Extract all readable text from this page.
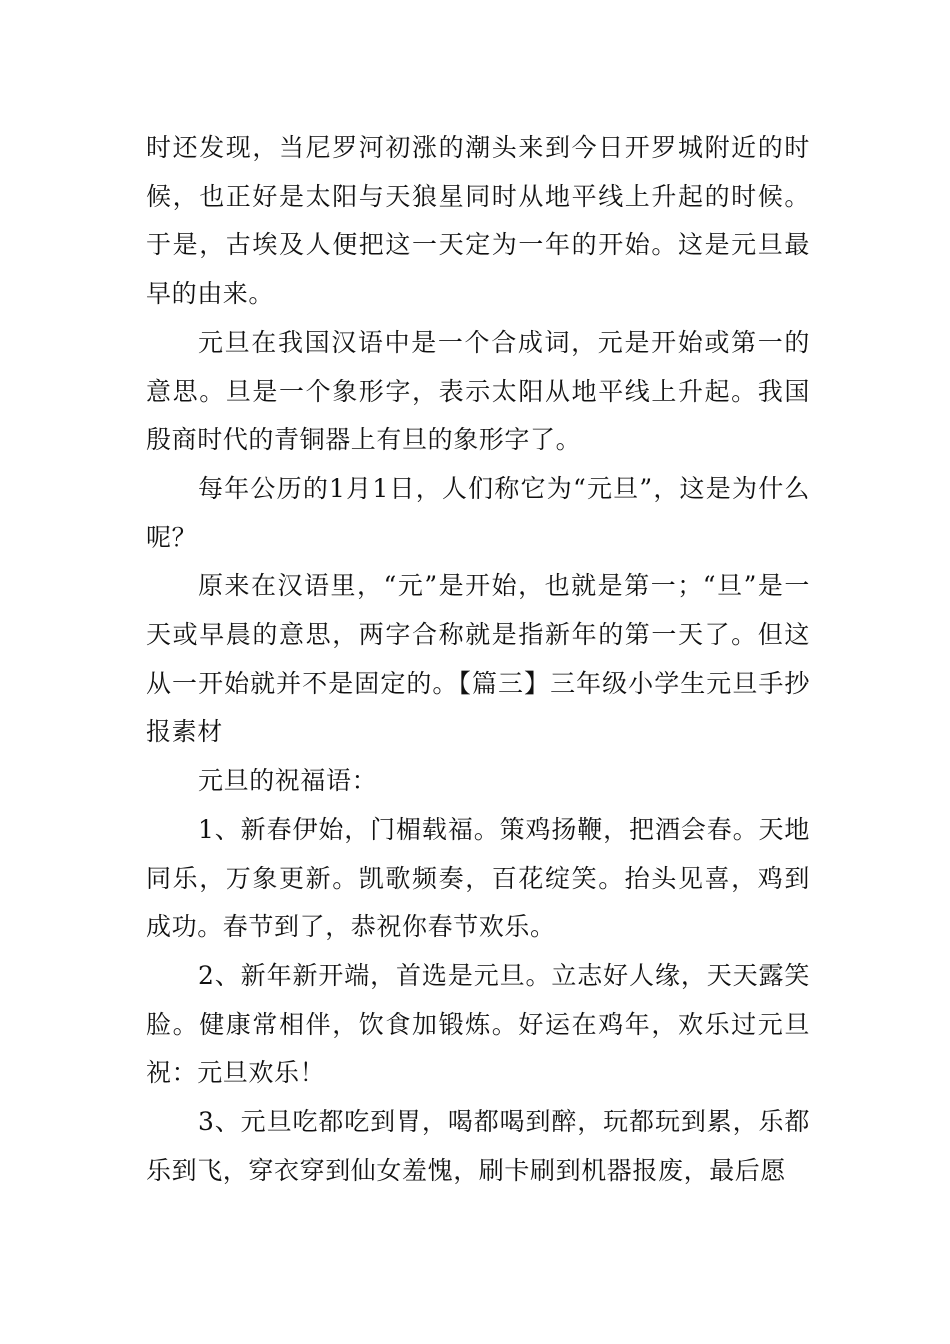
时还发现，当尼罗河初涨的潮头来到今日开罗城附近的时候，也正好是太阳与天狼星同时从地平线上升起的时候。于是，古埃及人便把这一天定为一年的开始。这是元旦最早的由来。

元旦在我国汉语中是一个合成词，元是开始或第一的意思。旦是一个象形字，表示太阳从地平线上升起。我国殷商时代的青铜器上有旦的象形字了。

每年公历的1月1日，人们称它为“元旦”，这是为什么呢？

原来在汉语里，“元”是开始，也就是第一；“旦”是一天或早晨的意思，两字合称就是指新年的第一天了。但这从一开始就并不是固定的。【篇三】三年级小学生元旦手抄报素材

元旦的祝福语：

1、新春伊始，门楣载福。策鸡扬鞭，把酒会春。天地同乐，万象更新。凯歌频奏，百花绽笑。抬头见喜，鸡到成功。春节到了，恭祝你春节欢乐。

2、新年新开端，首选是元旦。立志好人缘，天天露笑脸。健康常相伴，饮食加锻炼。好运在鸡年，欢乐过元旦祝：元旦欢乐！

3、元旦吃都吃到胃，喝都喝到醉，玩都玩到累，乐都乐到飞，穿衣穿到仙女羞愧，刷卡刷到机器报废，最后愿
